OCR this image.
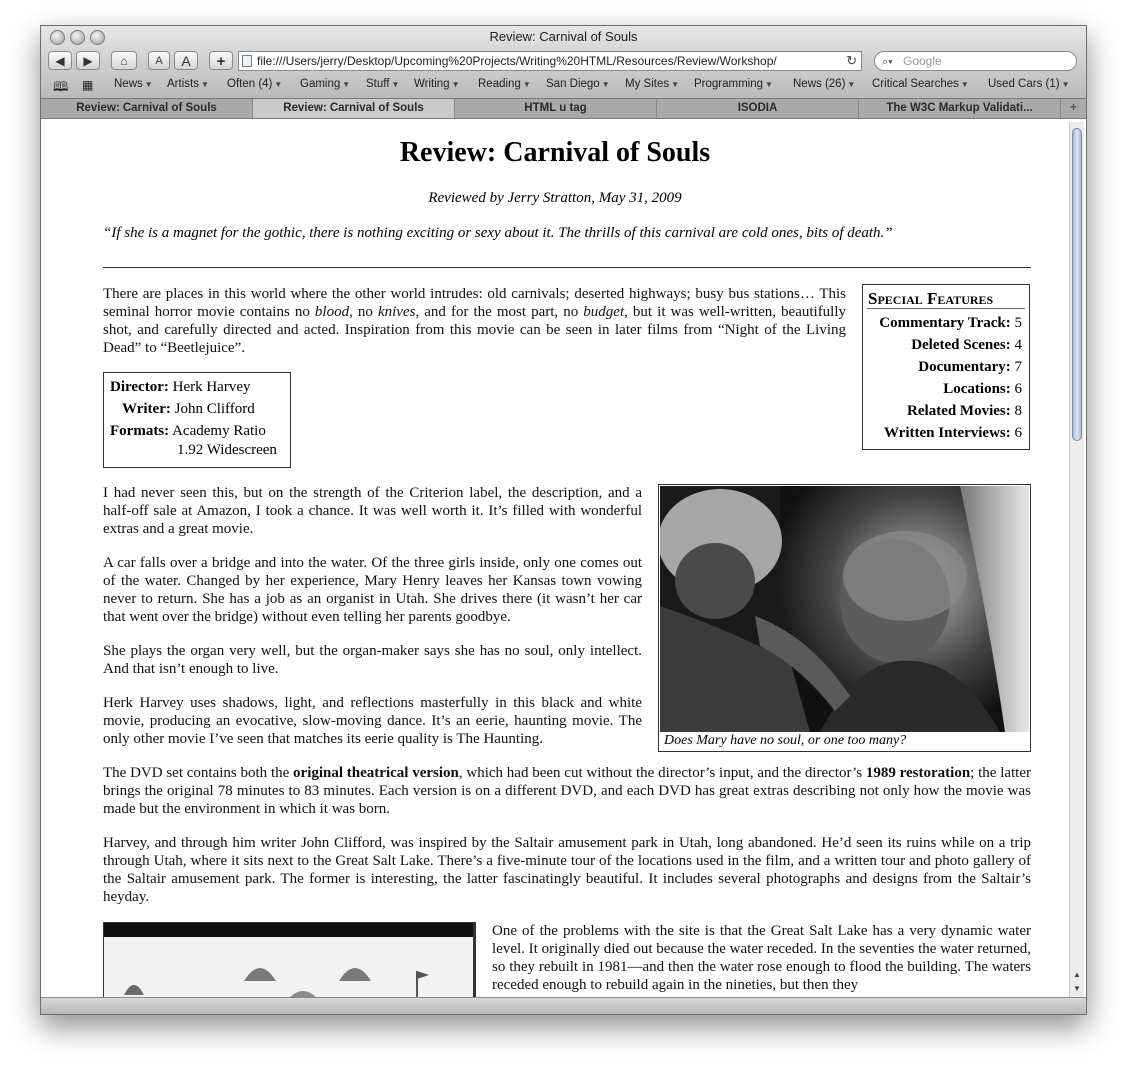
Review: Carnival of Souls
◀	▶	⌂	A	A	+	file:///Users/jerry/Desktop/Upcoming%20Projects/Writing%20HTML/Resources/Review/Workshop/	↻ ⌕▾ Google
🕮 ▦ News ▼ Artists ▼ Often (4) ▼ Gaming ▼ Stuff ▼ Writing ▼ Reading ▼ San Diego ▼ My Sites ▼ Programming ▼ News (26) ▼ Critical Searches ▼ Used Cars (1) ▼
Review: Carnival of Souls	Review: Carnival of Souls	HTML u tag	ISODIA	The W3C Markup Validati...	+
Review: Carnival of Souls
Reviewed by Jerry Stratton, May 31, 2009
“If she is a magnet for the gothic, there is nothing exciting or sexy about it. The thrills of this carnival are cold ones, bits of death.”

There are places in this world where the other world intrudes: old carnivals; deserted highways; busy bus stations… This seminal horror movie contains no blood, no knives, and for the most part, no budget, but it was well-written, beautifully shot, and carefully directed and acted. Inspiration from this movie can be seen in later films from “Night of the Living Dead” to “Beetlejuice”.

Special Features
Commentary Track: 5
Deleted Scenes: 4
Documentary: 7
Locations: 6
Related Movies: 8
Written Interviews: 6
Director: Herk Harvey
Writer: John Clifford
Formats: Academy Ratio
1.92 Widescreen
Does Mary have no soul, or one too many?

I had never seen this, but on the strength of the Criterion label, the description, and a half-off sale at Amazon, I took a chance. It was well worth it. It’s filled with wonderful extras and a great movie.

A car falls over a bridge and into the water. Of the three girls inside, only one comes out of the water. Changed by her experience, Mary Henry leaves her Kansas town vowing never to return. She has a job as an organist in Utah. She drives there (it wasn’t her car that went over the bridge) without even telling her parents goodbye.

She plays the organ very well, but the organ-maker says she has no soul, only intellect. And that isn’t enough to live.

Herk Harvey uses shadows, light, and reflections masterfully in this black and white movie, producing an evocative, slow-moving dance. It’s an eerie, haunting movie. The only other movie I’ve seen that matches its eerie quality is The Haunting.

The DVD set contains both the original theatrical version, which had been cut without the director’s input, and the director’s 1989 restoration; the latter brings the original 78 minutes to 83 minutes. Each version is on a different DVD, and each DVD has great extras describing not only how the movie was made but the environment in which it was born.

Harvey, and through him writer John Clifford, was inspired by the Saltair amusement park in Utah, long abandoned. He’d seen its ruins while on a trip through Utah, where it sits next to the Great Salt Lake. There’s a five-minute tour of the locations used in the film, and a written tour and photo gallery of the Saltair amusement park. The former is interesting, the latter fascinatingly beautiful. It includes several photographs and designs from the Saltair’s heyday.

One of the problems with the site is that the Great Salt Lake has a very dynamic water level. It originally died out because the water receded. In the seventies the water returned, so they rebuilt in 1981—and then the water rose enough to flood the building. The waters receded enough to rebuild again in the nineties, but then they

▲
▼
